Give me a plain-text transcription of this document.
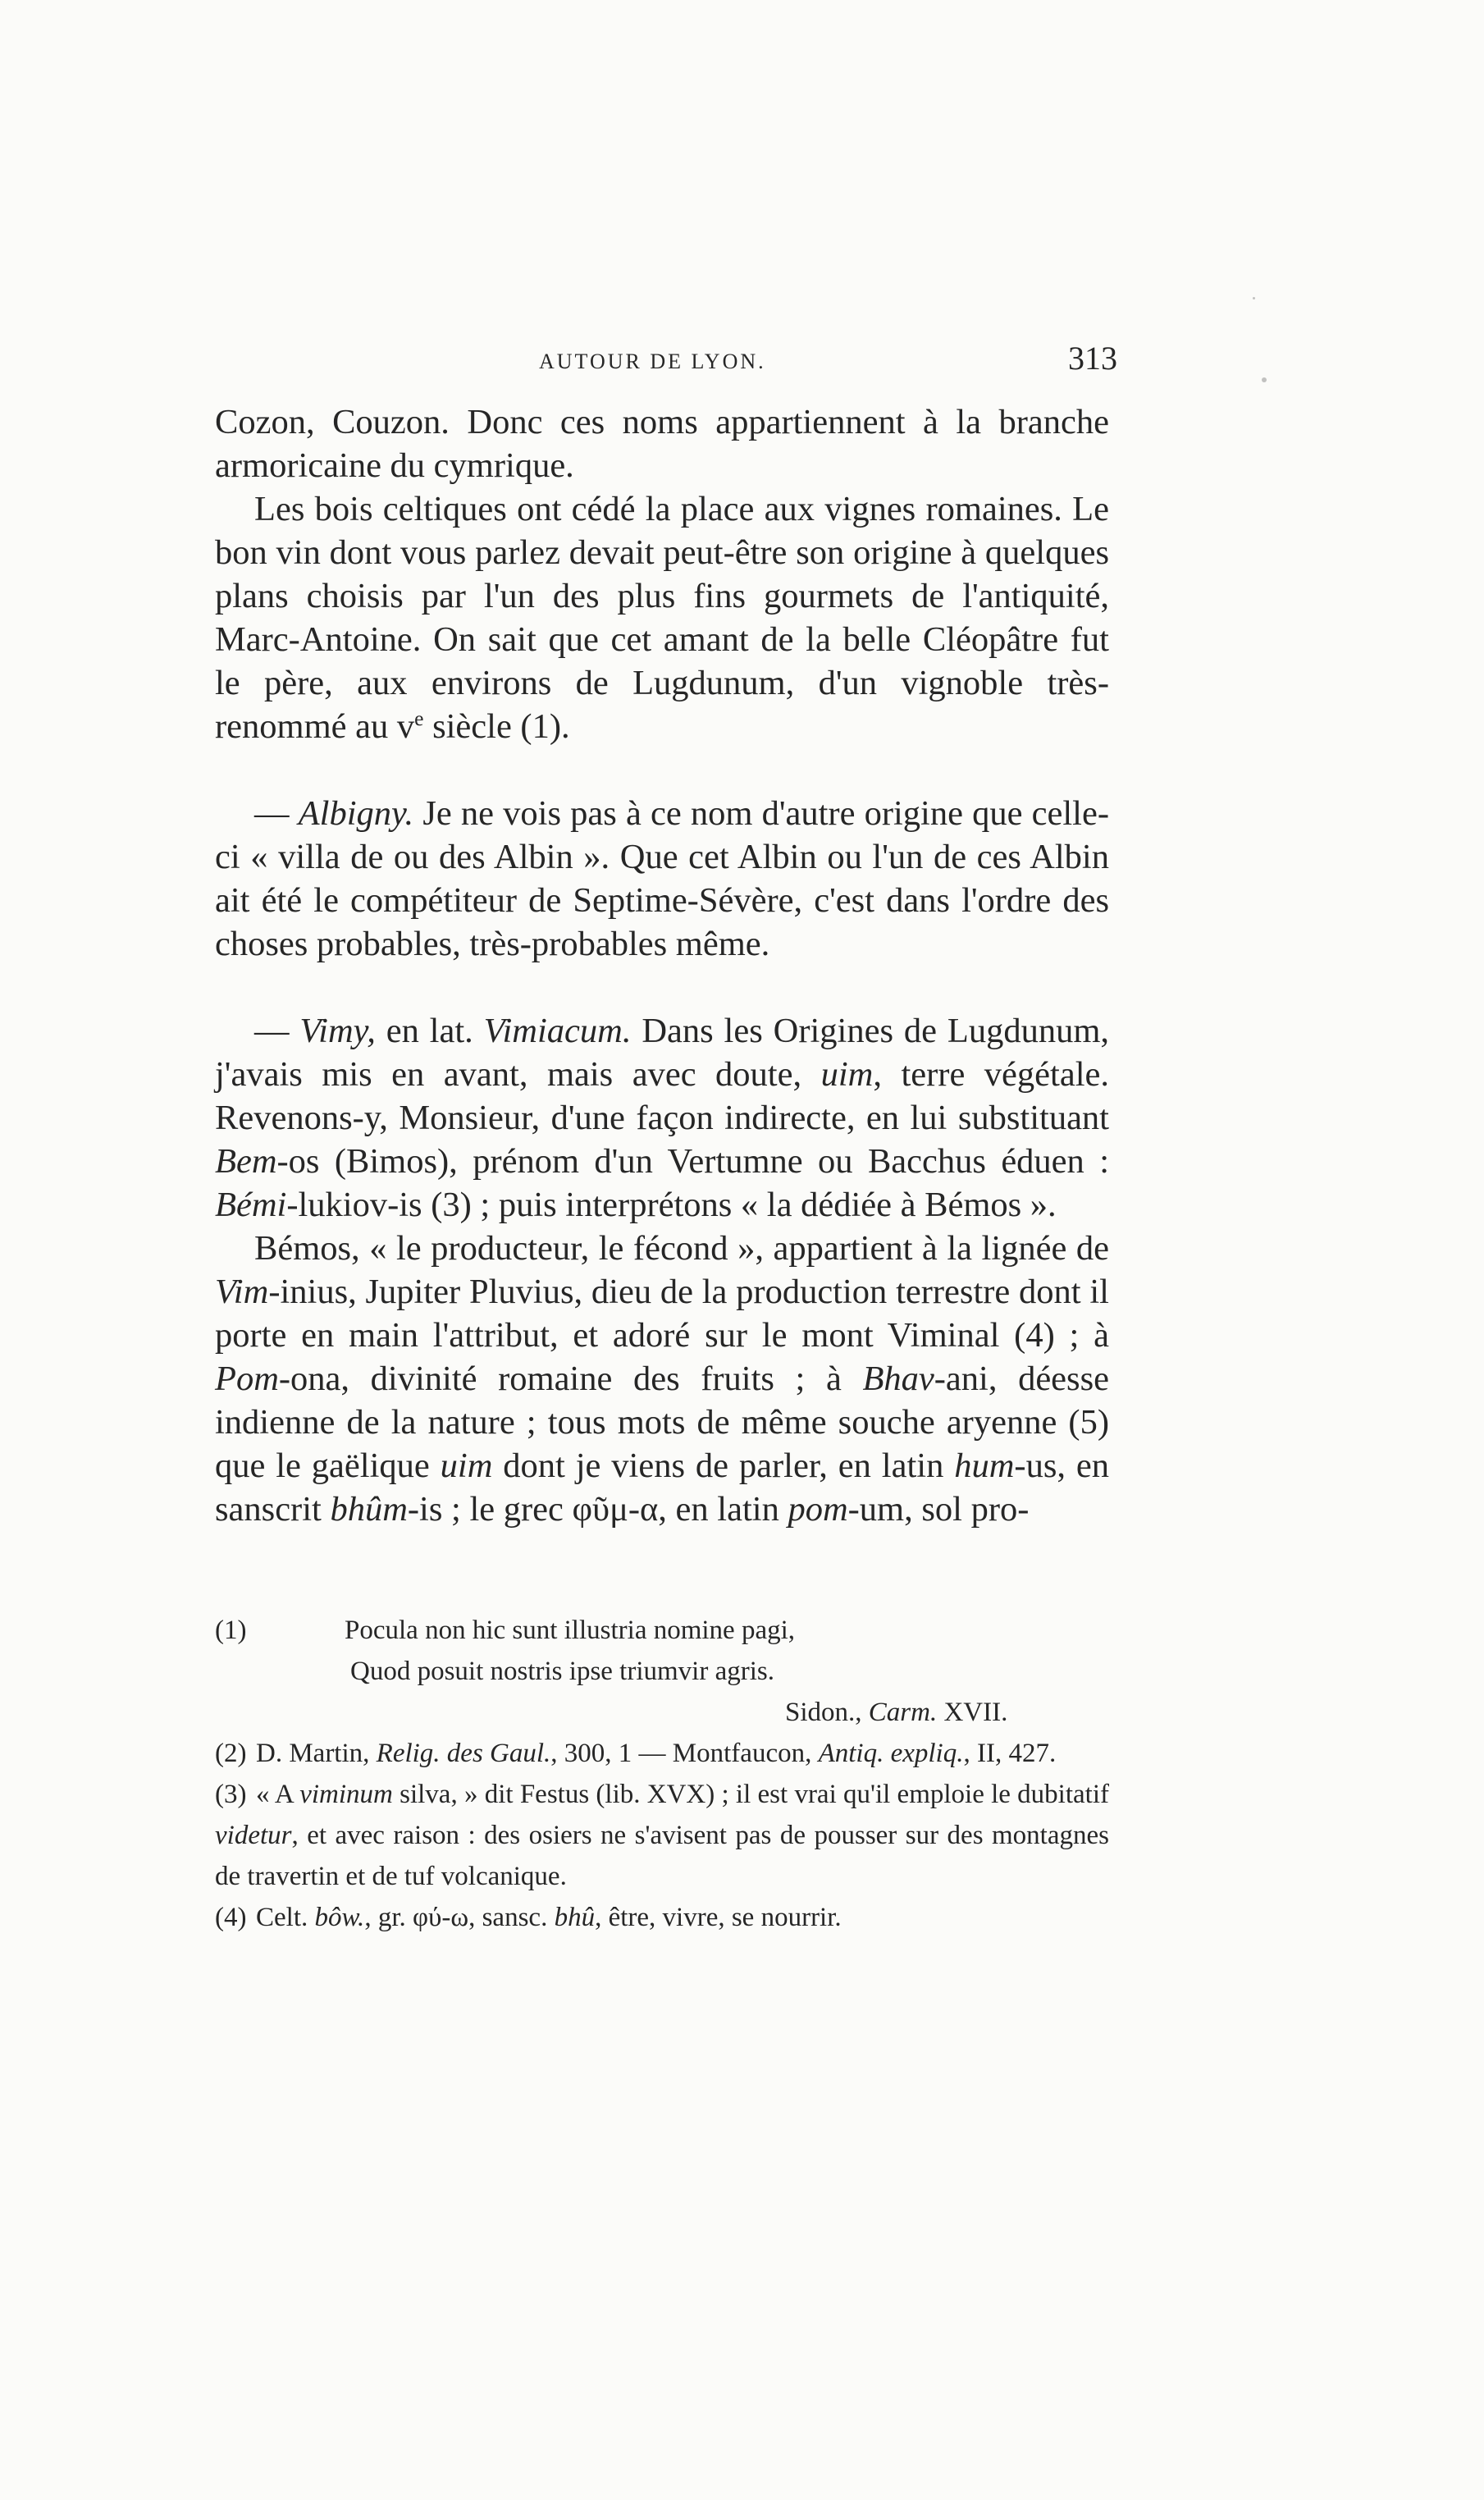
AUTOUR DE LYON.	313

Cozon, Couzon. Donc ces noms appartiennent à la branche armoricaine du cymrique.

Les bois celtiques ont cédé la place aux vignes romaines. Le bon vin dont vous parlez devait peut-être son origine à quelques plans choisis par l'un des plus fins gourmets de l'antiquité, Marc-Antoine. On sait que cet amant de la belle Cléopâtre fut le père, aux environs de Lugdunum, d'un vignoble très-renommé au $v^e$ siècle (1).

— Albigny. Je ne vois pas à ce nom d'autre origine que celle-ci « villa de ou des Albin ». Que cet Albin ou l'un de ces Albin ait été le compétiteur de Septime-Sévère, c'est dans l'ordre des choses probables, très-probables même.

— Vimy, en lat. Vimiacum. Dans les Origines de Lugdunum, j'avais mis en avant, mais avec doute, uim, terre végétale. Revenons-y, Monsieur, d'une façon indirecte, en lui substituant Bem-os (Bimos), prénom d'un Vertumne ou Bacchus éduen : Bémi-lukiov-is (3) ; puis interprétons « la dédiée à Bémos ».

Bémos, « le producteur, le fécond », appartient à la lignée de Vim-inius, Jupiter Pluvius, dieu de la production terrestre dont il porte en main l'attribut, et adoré sur le mont Viminal (4) ; à Pom-ona, divinité romaine des fruits ; à Bhav-ani, déesse indienne de la nature ; tous mots de même souche aryenne (5) que le gaëlique uim dont je viens de parler, en latin hum-us, en sanscrit bhûm-is ; le grec φῦμ-α, en latin pom-um, sol pro-

(1)	Pocula non hic sunt illustria nomine pagi,
Quod posuit nostris ipse triumvir agris.
Sidon., Carm. XVII.

(2) D. Martin, Relig. des Gaul., 300, 1 — Montfaucon, Antiq. expliq., II, 427.

(3) « A viminum silva, » dit Festus (lib. XVX) ; il est vrai qu'il emploie le dubitatif videtur, et avec raison : des osiers ne s'avisent pas de pousser sur des montagnes de travertin et de tuf volcanique.

(4) Celt. bôw., gr. φύ-ω, sansc. bhû, être, vivre, se nourrir.
